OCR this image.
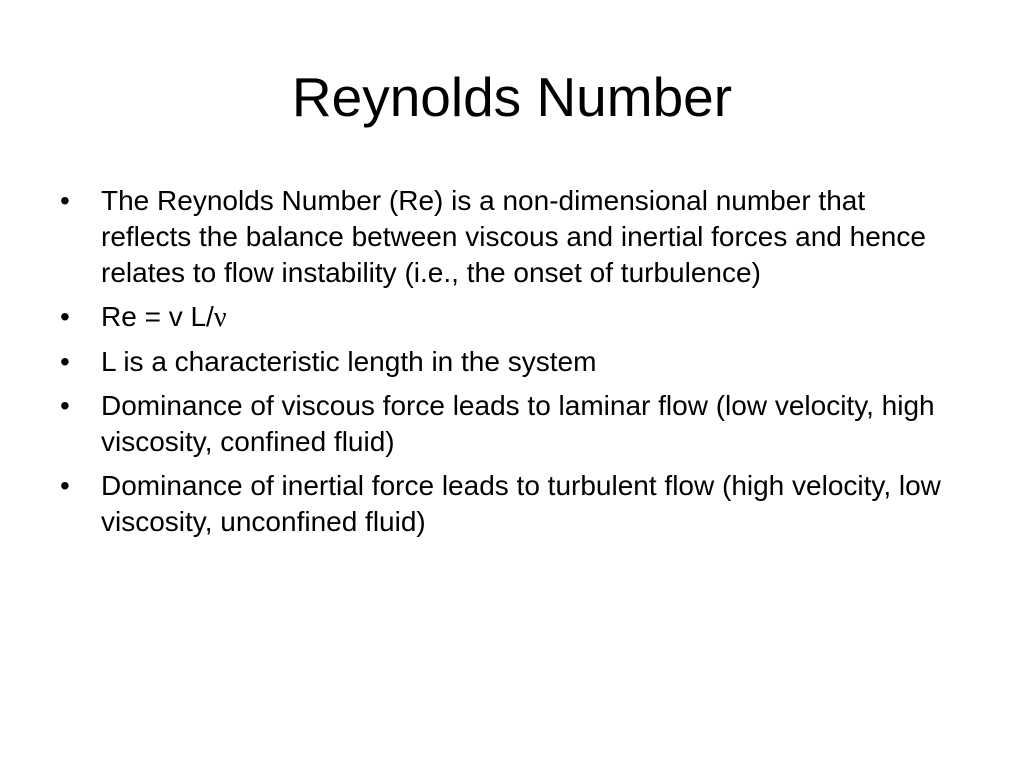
Reynolds Number
•	The Reynolds Number (Re) is a non-dimensional number that reflects the balance between viscous and inertial forces and hence relates to flow instability (i.e., the onset of turbulence)
•	Re = v L/ν
•	L is a characteristic length in the system
•	Dominance of viscous force leads to laminar flow (low velocity, high viscosity, confined fluid)
•	Dominance of inertial force leads to turbulent flow (high velocity, low viscosity, unconfined fluid)
